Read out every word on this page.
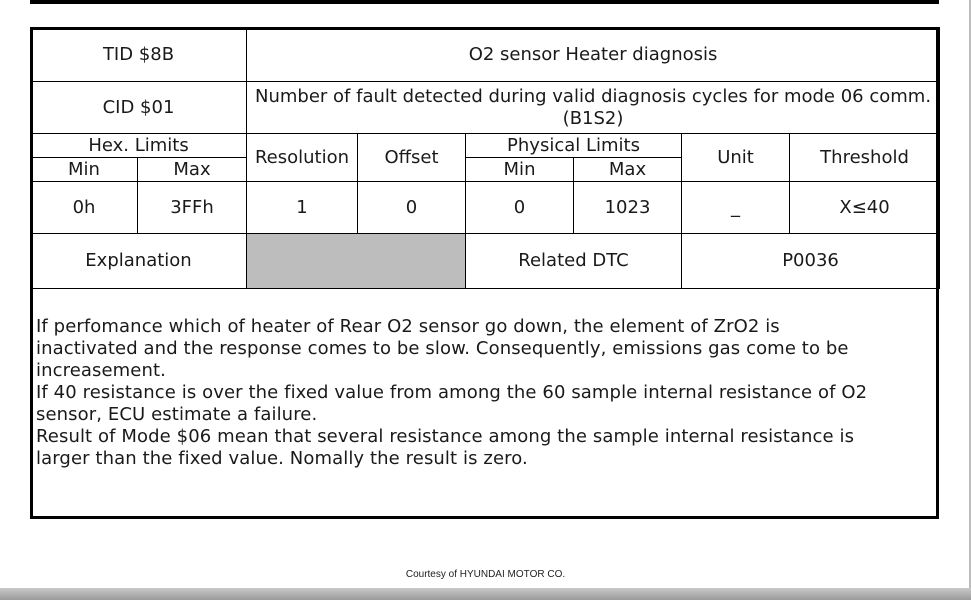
TID $8B		O2 sensor Heater diagnosis					
CID $01		Number of fault detected during valid diagnosis cycles for mode 06 comm. (B1S2)					
Hex. Limits		Resolution	Offset	Physical Limits		Unit	Threshold
Min	Max			Min	Max		
0h	3FFh	1	0	0	1023	_	X≤40
Explanation				Related DTC		P0036	

If perfomance which of heater of Rear O2 sensor go down, the element of ZrO2 is

inactivated and the response comes to be slow. Consequently, emissions gas come to be

increasement.

If 40 resistance is over the fixed value from among the 60 sample internal resistance of O2

sensor, ECU estimate a failure.

Result of Mode $06 mean that several resistance among the sample internal resistance is

larger than the fixed value. Nomally the result is zero.

Courtesy of HYUNDAI MOTOR CO.
